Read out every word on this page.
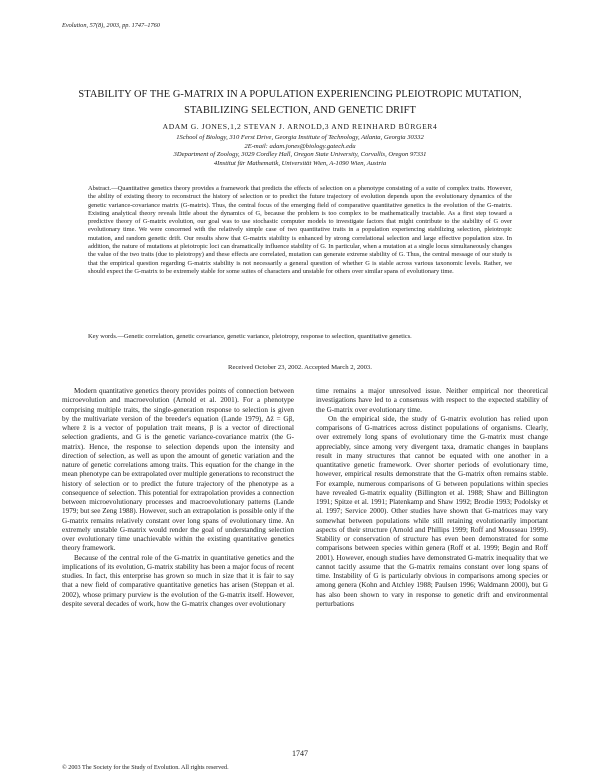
Evolution, 57(8), 2003, pp. 1747–1760
STABILITY OF THE G-MATRIX IN A POPULATION EXPERIENCING PLEIOTROPIC MUTATION, STABILIZING SELECTION, AND GENETIC DRIFT
ADAM G. JONES,1,2 STEVAN J. ARNOLD,3 AND REINHARD BÜRGER4
1School of Biology, 310 Ferst Drive, Georgia Institute of Technology, Atlanta, Georgia 30332
2E-mail: adam.jones@biology.gatech.edu
3Department of Zoology, 3029 Cordley Hall, Oregon State University, Corvallis, Oregon 97331
4Institut für Mathematik, Universität Wien, A-1090 Wien, Austria

Abstract.—Quantitative genetics theory provides a framework that predicts the effects of selection on a phenotype consisting of a suite of complex traits. However, the ability of existing theory to reconstruct the history of selection or to predict the future trajectory of evolution depends upon the evolutionary dynamics of the genetic variance-covariance matrix (G-matrix). Thus, the central focus of the emerging field of comparative quantitative genetics is the evolution of the G-matrix. Existing analytical theory reveals little about the dynamics of G, because the problem is too complex to be mathematically tractable. As a first step toward a predictive theory of G-matrix evolution, our goal was to use stochastic computer models to investigate factors that might contribute to the stability of G over evolutionary time. We were concerned with the relatively simple case of two quantitative traits in a population experiencing stabilizing selection, pleiotropic mutation, and random genetic drift. Our results show that G-matrix stability is enhanced by strong correlational selection and large effective population size. In addition, the nature of mutations at pleiotropic loci can dramatically influence stability of G. In particular, when a mutation at a single locus simultaneously changes the value of the two traits (due to pleiotropy) and these effects are correlated, mutation can generate extreme stability of G. Thus, the central message of our study is that the empirical question regarding G-matrix stability is not necessarily a general question of whether G is stable across various taxonomic levels. Rather, we should expect the G-matrix to be extremely stable for some suites of characters and unstable for others over similar spans of evolutionary time.

Key words.—Genetic correlation, genetic covariance, genetic variance, pleiotropy, response to selection, quantitative genetics.

Received October 23, 2002. Accepted March 2, 2003.

Modern quantitative genetics theory provides points of connection between microevolution and macroevolution (Arnold et al. 2001). For a phenotype comprising multiple traits, the single-generation response to selection is given by the multivariate version of the breeder's equation (Lande 1979), Δz̄ = Gβ, where z̄ is a vector of population trait means, β is a vector of directional selection gradients, and G is the genetic variance-covariance matrix (the G-matrix). Hence, the response to selection depends upon the intensity and direction of selection, as well as upon the amount of genetic variation and the nature of genetic correlations among traits. This equation for the change in the mean phenotype can be extrapolated over multiple generations to reconstruct the history of selection or to predict the future trajectory of the phenotype as a consequence of selection. This potential for extrapolation provides a connection between microevolutionary processes and macroevolutionary patterns (Lande 1979; but see Zeng 1988). However, such an extrapolation is possible only if the G-matrix remains relatively constant over long spans of evolutionary time. An extremely unstable G-matrix would render the goal of understanding selection over evolutionary time unachievable within the existing quantitative genetics theory framework.

Because of the central role of the G-matrix in quantitative genetics and the implications of its evolution, G-matrix stability has been a major focus of recent studies. In fact, this enterprise has grown so much in size that it is fair to say that a new field of comparative quantitative genetics has arisen (Steppan et al. 2002), whose primary purview is the evolution of the G-matrix itself. However, despite several decades of work, how the G-matrix changes over evolutionary

time remains a major unresolved issue. Neither empirical nor theoretical investigations have led to a consensus with respect to the expected stability of the G-matrix over evolutionary time.

On the empirical side, the study of G-matrix evolution has relied upon comparisons of G-matrices across distinct populations of organisms. Clearly, over extremely long spans of evolutionary time the G-matrix must change appreciably, since among very divergent taxa, dramatic changes in bauplans result in many structures that cannot be equated with one another in a quantitative genetic framework. Over shorter periods of evolutionary time, however, empirical results demonstrate that the G-matrix often remains stable. For example, numerous comparisons of G between populations within species have revealed G-matrix equality (Billington et al. 1988; Shaw and Billington 1991; Spitze et al. 1991; Platenkamp and Shaw 1992; Brodie 1993; Podolsky et al. 1997; Service 2000). Other studies have shown that G-matrices may vary somewhat between populations while still retaining evolutionarily important aspects of their structure (Arnold and Phillips 1999; Roff and Mousseau 1999). Stability or conservation of structure has even been demonstrated for some comparisons between species within genera (Roff et al. 1999; Begin and Roff 2001). However, enough studies have demonstrated G-matrix inequality that we cannot tacitly assume that the G-matrix remains constant over long spans of time. Instability of G is particularly obvious in comparisons among species or among genera (Kohn and Atchley 1988; Paulsen 1996; Waldmann 2000), but G has also been shown to vary in response to genetic drift and environmental perturbations

1747
© 2003 The Society for the Study of Evolution. All rights reserved.
